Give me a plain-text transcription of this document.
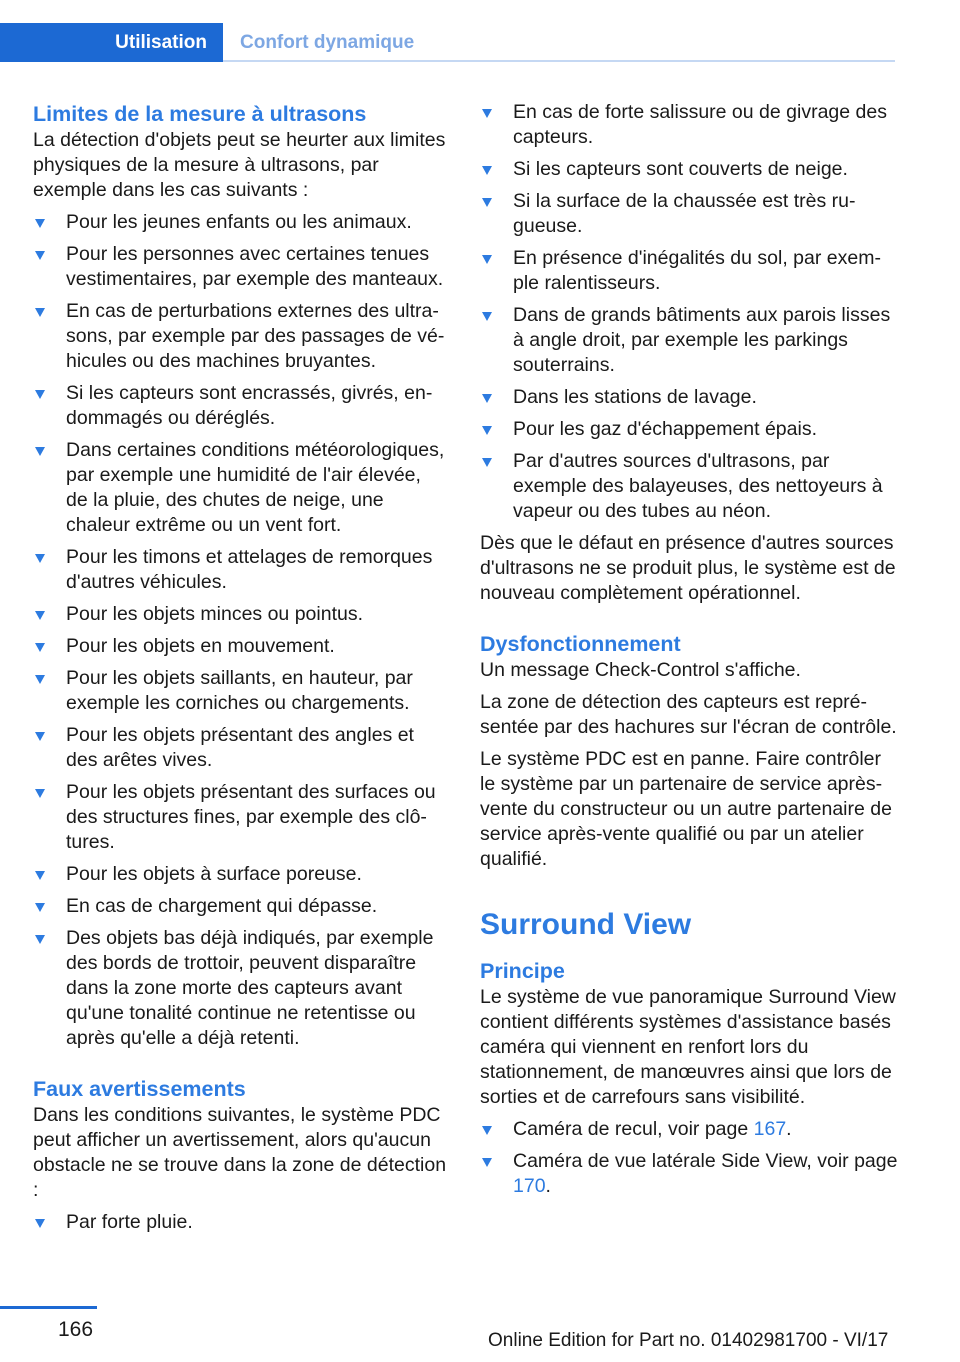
Utilisation	Confort dynamique
Limites de la mesure à ultrasons

La détection d'objets peut se heurter aux limites physiques de la mesure à ultrasons, par exemple dans les cas suivants :

Pour les jeunes enfants ou les animaux.
Pour les personnes avec certaines tenues vestimentaires, par exemple des manteaux.
En cas de perturbations externes des ultrasons, par exemple par des passages de véhicules ou des machines bruyantes.
Si les capteurs sont encrassés, givrés, endommagés ou déréglés.
Dans certaines conditions météorologiques, par exemple une humidité de l'air élevée, de la pluie, des chutes de neige, une chaleur extrême ou un vent fort.
Pour les timons et attelages de remorques d'autres véhicules.
Pour les objets minces ou pointus.
Pour les objets en mouvement.
Pour les objets saillants, en hauteur, par exemple les corniches ou chargements.
Pour les objets présentant des angles et des arêtes vives.
Pour les objets présentant des surfaces ou des structures fines, par exemple des clôtures.
Pour les objets à surface poreuse.
En cas de chargement qui dépasse.
Des objets bas déjà indiqués, par exemple des bords de trottoir, peuvent disparaître dans la zone morte des capteurs avant qu'une tonalité continue ne retentisse ou après qu'elle a déjà retenti.
Faux avertissements

Dans les conditions suivantes, le système PDC peut afficher un avertissement, alors qu'aucun obstacle ne se trouve dans la zone de détection :

Par forte pluie.
En cas de forte salissure ou de givrage des capteurs.
Si les capteurs sont couverts de neige.
Si la surface de la chaussée est très rugueuse.
En présence d'inégalités du sol, par exemple ralentisseurs.
Dans de grands bâtiments aux parois lisses à angle droit, par exemple les parkings souterrains.
Dans les stations de lavage.
Pour les gaz d'échappement épais.
Par d'autres sources d'ultrasons, par exemple des balayeuses, des nettoyeurs à vapeur ou des tubes au néon.

Dès que le défaut en présence d'autres sources d'ultrasons ne se produit plus, le système est de nouveau complètement opérationnel.

Dysfonctionnement

Un message Check-Control s'affiche.

La zone de détection des capteurs est représentée par des hachures sur l'écran de contrôle.

Le système PDC est en panne. Faire contrôler le système par un partenaire de service après-vente du constructeur ou un autre partenaire de service après-vente qualifié ou par un atelier qualifié.

Surround View
Principe

Le système de vue panoramique Surround View contient différents systèmes d'assistance basés caméra qui viennent en renfort lors du stationnement, de manœuvres ainsi que lors de sorties et de carrefours sans visibilité.

Caméra de recul, voir page 167.
Caméra de vue latérale Side View, voir page 170.
166	Online Edition for Part no. 01402981700 - VI/17
